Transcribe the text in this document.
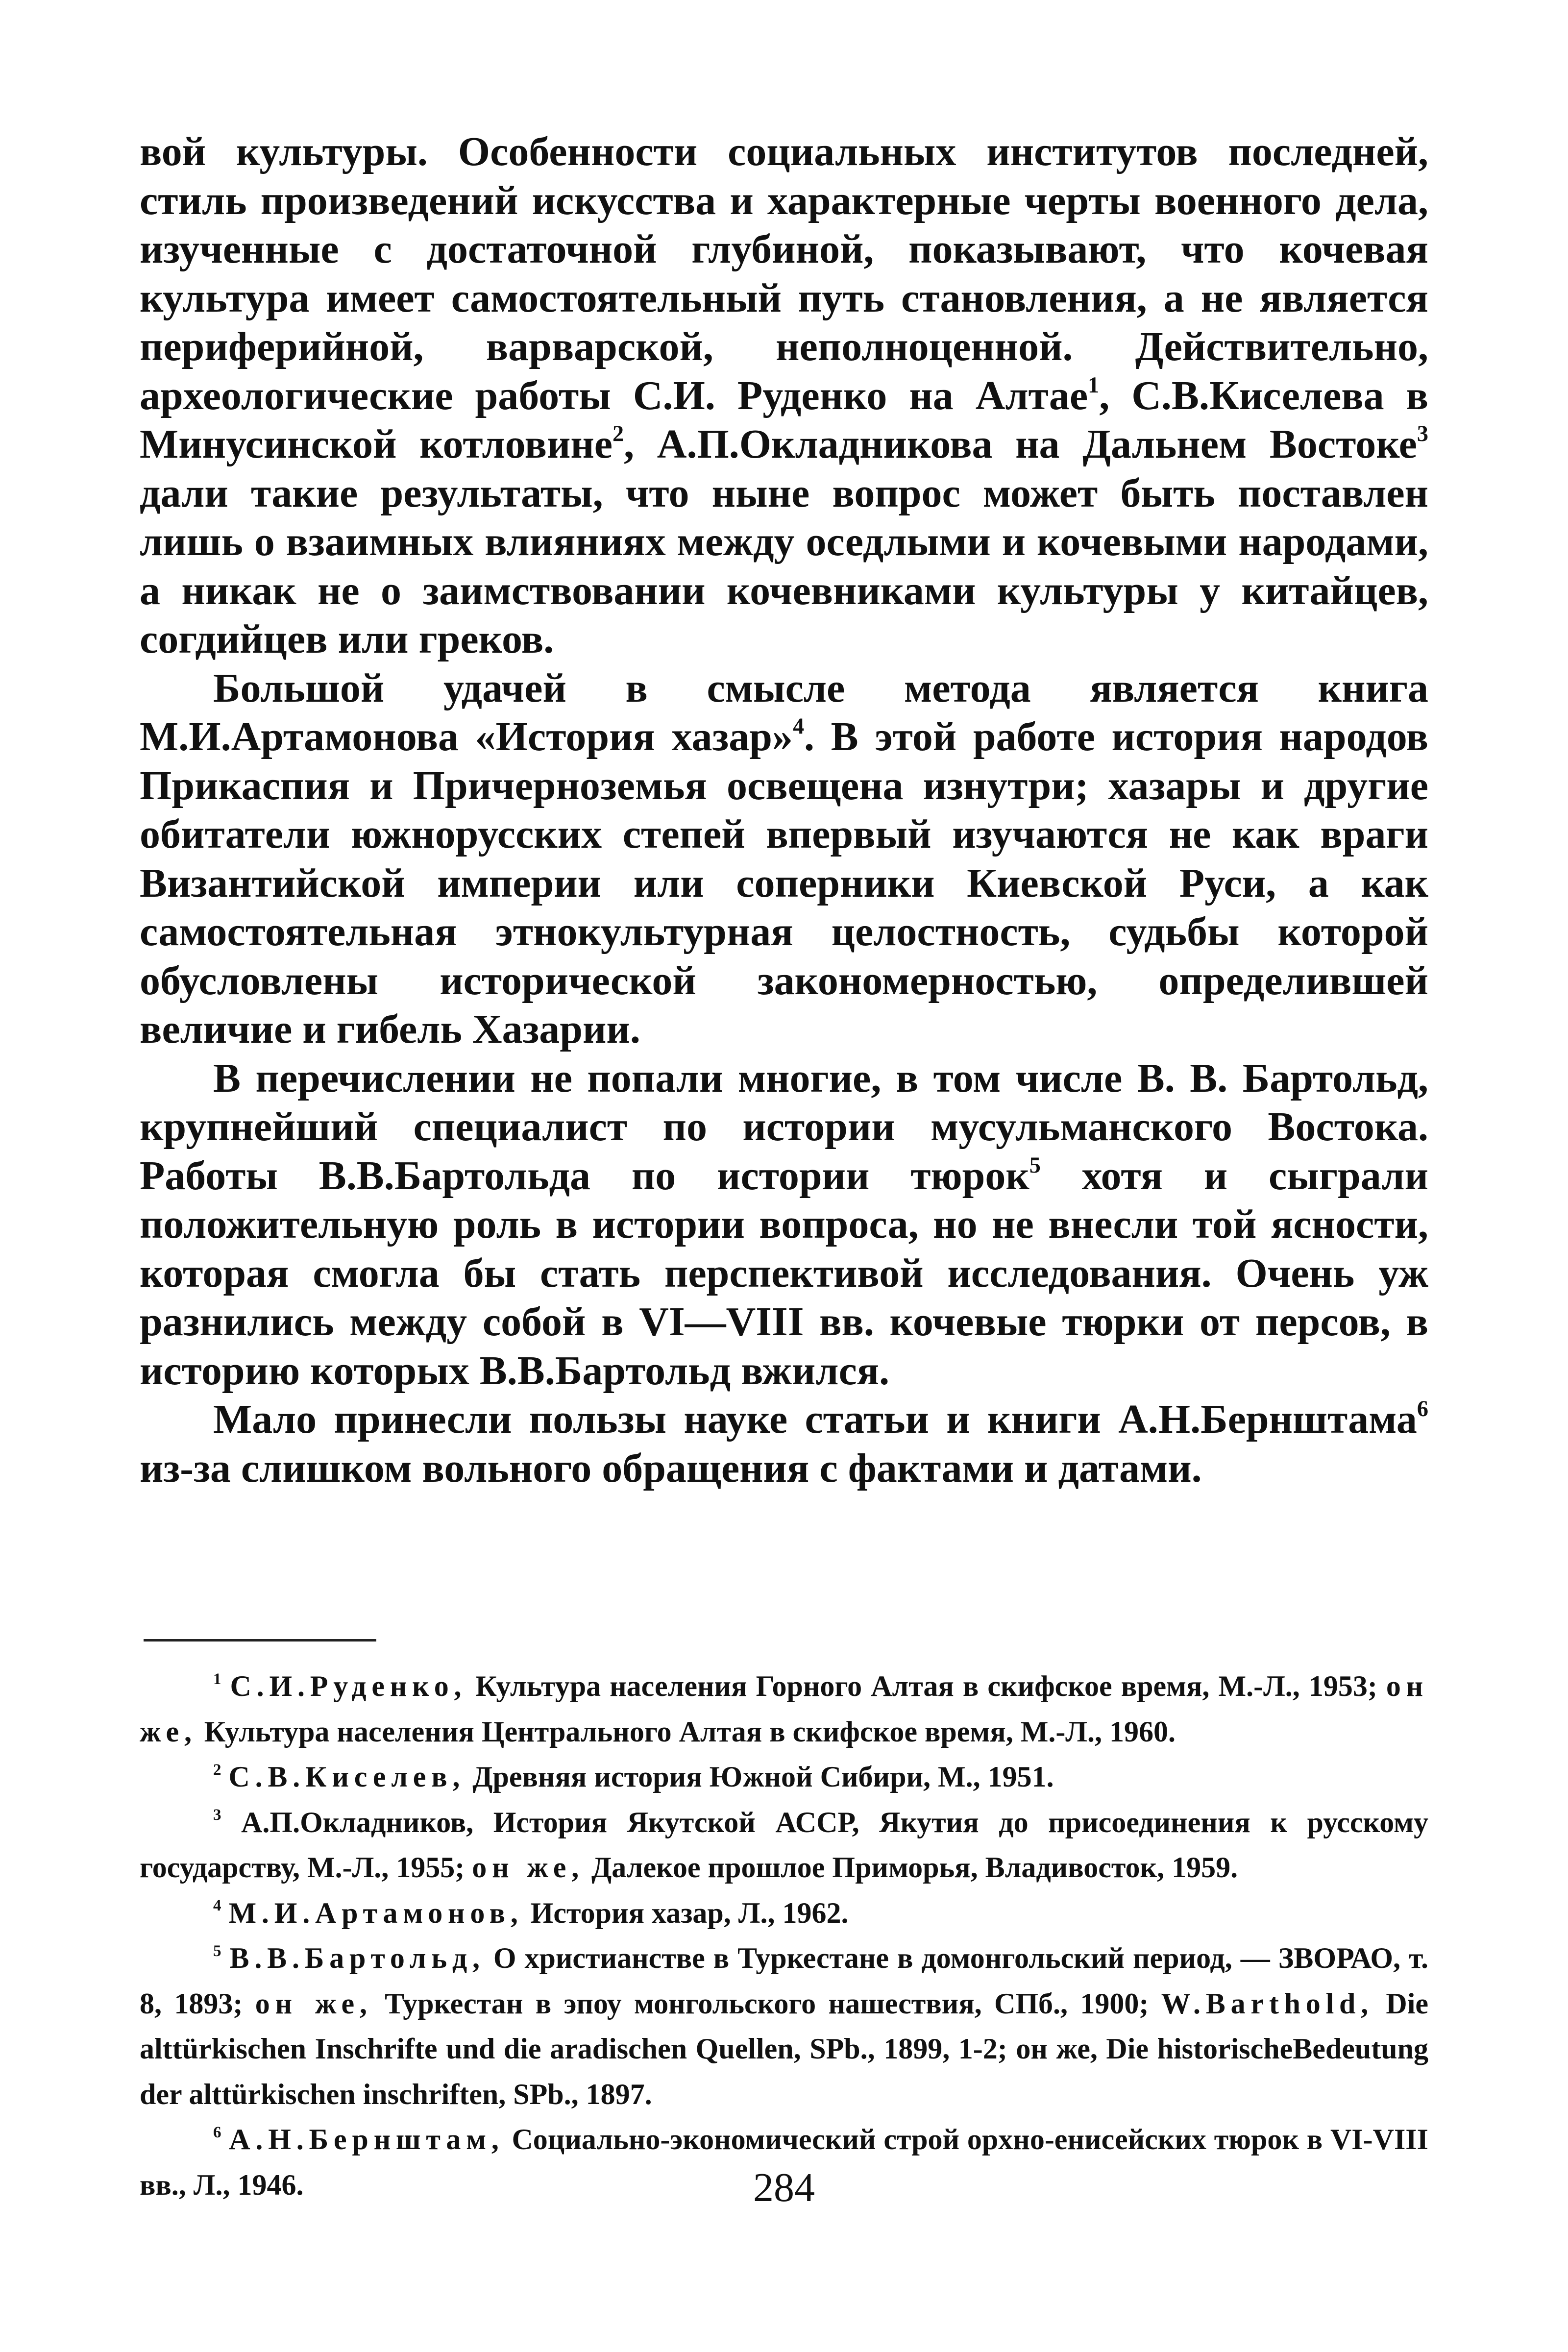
вой культуры. Особенности социальных институтов последней, стиль произведений искусства и характерные черты военного дела, изученные с достаточной глубиной, показывают, что кочевая культура имеет самостоятельный путь становления, а не является периферийной, варварской, неполноценной. Действительно, археологические работы С.И. Руденко на Алтае$^1$, С.В.Киселева в Минусинской котловине$^2$, А.П.Окладникова на Дальнем Востоке$^3$ дали такие результаты, что ныне вопрос может быть поставлен лишь о взаимных влияниях между оседлыми и кочевыми народами, а никак не о заимствовании кочевниками культуры у китайцев, согдийцев или греков.

Большой удачей в смысле метода является книга М.И.Артамонова «История хазар»$^4$. В этой работе история народов Прикаспия и Причерноземья освещена изнутри; хазары и другие обитатели южнорусских степей впервый изучаются не как враги Византийской империи или соперники Киевской Руси, а как самостоятельная этнокультурная целостность, судьбы которой обусловлены исторической закономерностью, определившей величие и гибель Хазарии.

В перечислении не попали многие, в том числе В. В. Бартольд, крупнейший специалист по истории мусульманского Востока. Работы В.В.Бартольда по истории тюрок$^5$ хотя и сыграли положительную роль в истории вопроса, но не внесли той ясности, которая смогла бы стать перспективой исследования. Очень уж разнились между собой в VI—VIII вв. кочевые тюрки от персов, в историю которых В.В.Бартольд вжился.

Мало принесли пользы науке статьи и книги А.Н.Бернштама$^6$ из-за слишком вольного обращения с фактами и датами.

$^1$ С.И.Руденко, Культура населения Горного Алтая в скифское время, М.-Л., 1953; он же, Культура населения Центрального Алтая в скифское время, М.-Л., 1960.

$^2$ С.В.Киселев, Древняя история Южной Сибири, М., 1951.

$^3$ А.П.Окладников, История Якутской АССР, Якутия до присоединения к русскому государству, М.-Л., 1955; он же, Далекое прошлое Приморья, Владивосток, 1959.

$^4$ М.И.Артамонов, История хазар, Л., 1962.

$^5$ В.В.Бартольд, О христианстве в Туркестане в домонгольский период, — ЗВОРАО, т. 8, 1893; он же, Туркестан в эпоу монгольского нашествия, СПб., 1900; W.Barthold, Die alttürkischen Inschrifte und die aradischen Quellen, SPb., 1899, 1-2; он же, Die historischeBedeutung der alttürkischen inschriften, SPb., 1897.

$^6$ А.Н.Бернштам, Социально-экономический строй орхно-енисейских тюрок в VI-VIII вв., Л., 1946.	284
